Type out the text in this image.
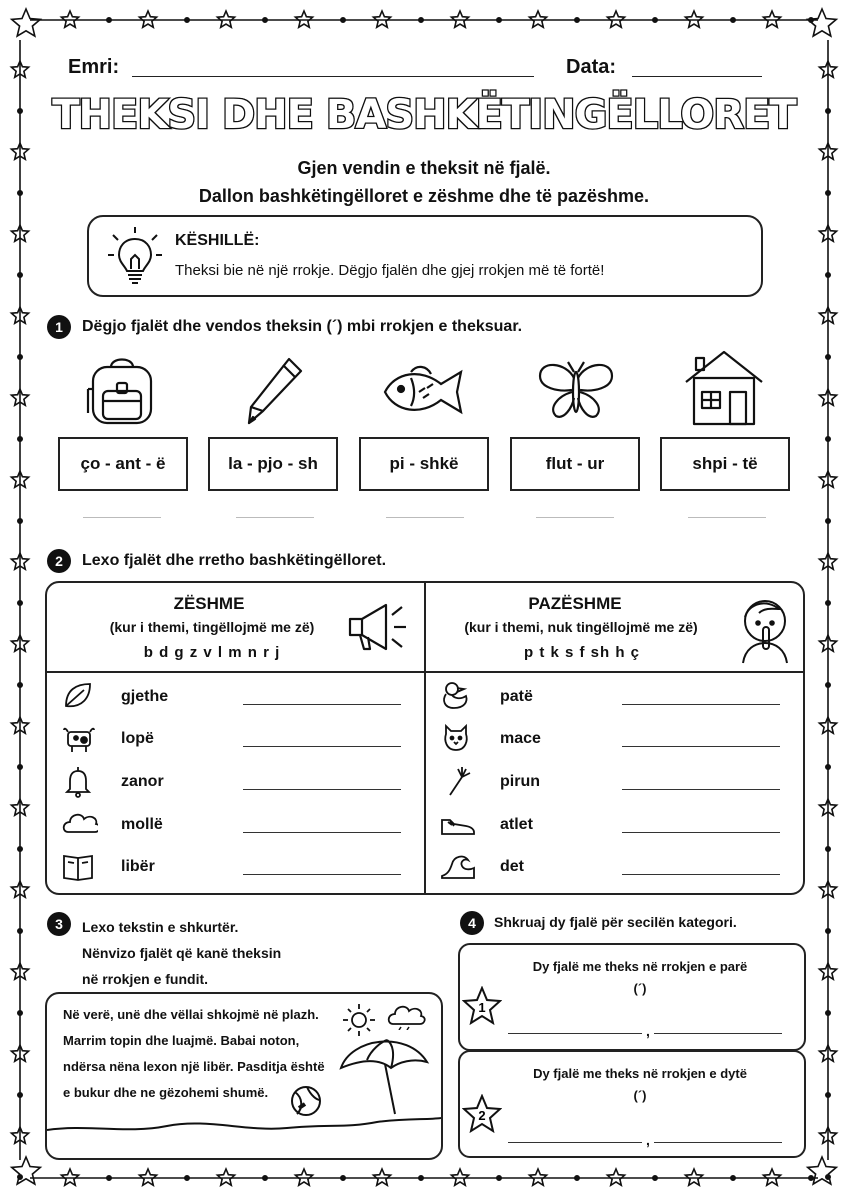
Emri:	Data:
THEKSI DHE BASHKËTINGËLLORET
Gjen vendin e theksit në fjalë.
Dallon bashkëtingëlloret e zëshme dhe të pazëshme.
KËSHILLË:
Theksi bie në një rrokje. Dëgjo fjalën dhe gjej rrokjen më të fortë!
1	Dëgjo fjalët dhe vendos theksin (´) mbi rrokjen e theksuar.
ço - ant - ë	la - pjo - sh	pi - shkë	flut - ur	shpi - të
2	Lexo fjalët dhe rretho bashkëtingëlloret.
ZËSHME
(kur i themi, tingëllojmë me zë)
b d g z v l m n r j
PAZËSHME
(kur i themi, nuk tingëllojmë me zë)
p t k s f sh h ç
gjethe	patë
lopë	mace
zanor	pirun
mollë	atlet
libër	det
3	Lexo tekstin e shkurtër.
Nënvizo fjalët që kanë theksin
në rrokjen e fundit.
Në verë, unë dhe vëllai shkojmë në plazh.
Marrim topin dhe luajmë. Babai noton,
ndërsa nëna lexon një libër. Pasditja është
e bukur dhe ne gëzohemi shumë.
4	Shkruaj dy fjalë për secilën kategori.
Dy fjalë me theks në rrokjen e parë
(´)
,
Dy fjalë me theks në rrokjen e dytë
(´)
,
1
2
